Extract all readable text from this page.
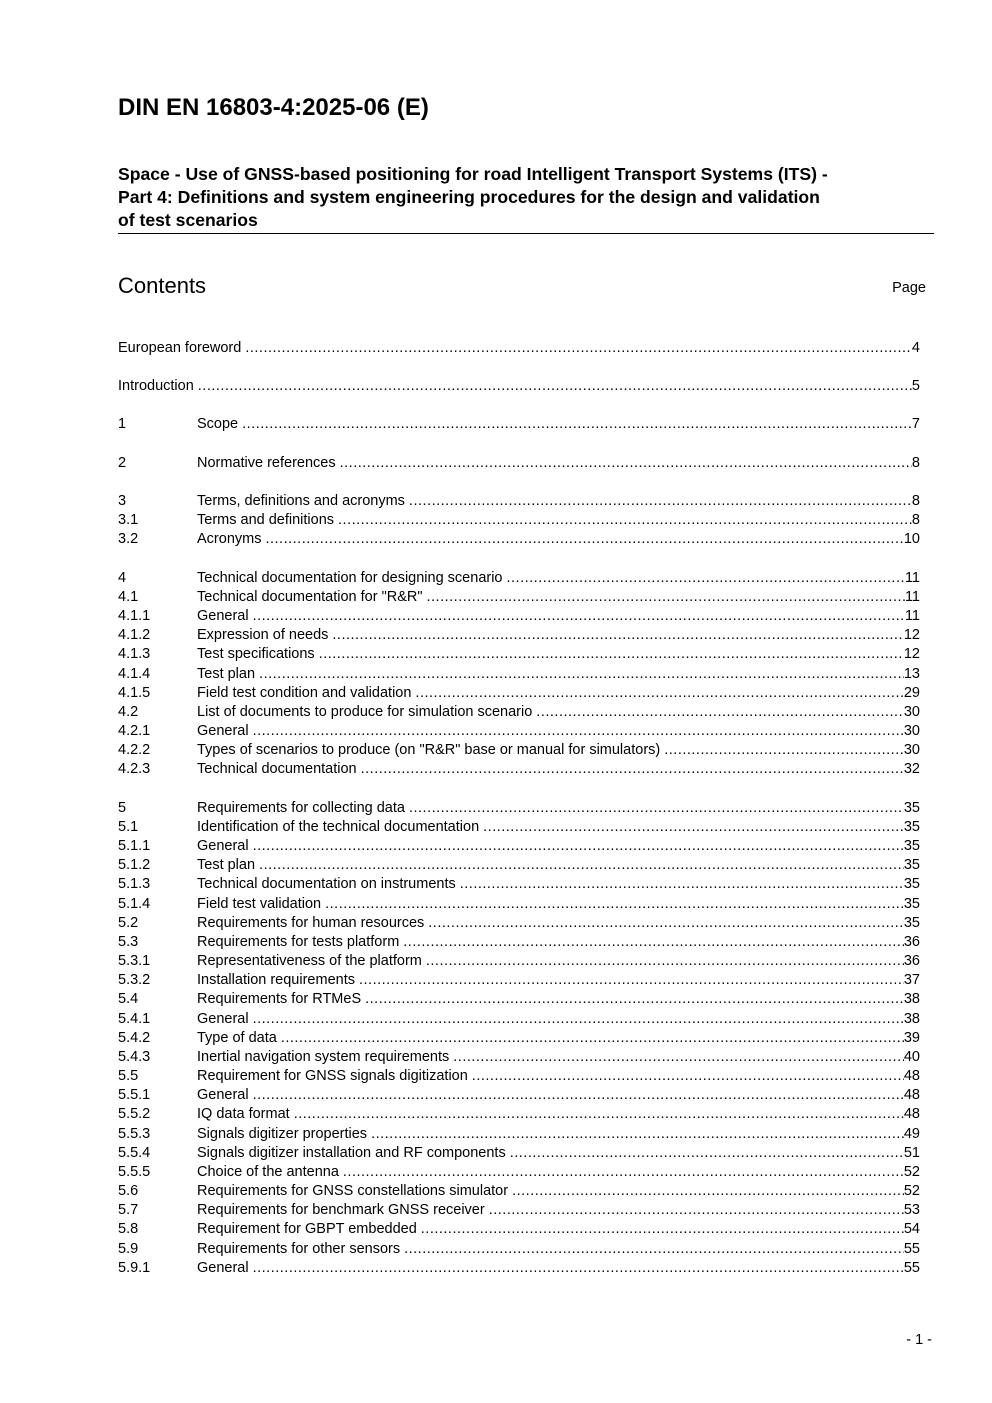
DIN EN 16803-4:2025-06 (E)
Space - Use of GNSS-based positioning for road Intelligent Transport Systems (ITS) -
Part 4: Definitions and system engineering procedures for the design and validation
of test scenarios
Contents	Page
European foreword .....	4
Introduction .....	5
1	Scope .....	7
2	Normative references .....	8
3	Terms, definitions and acronyms .....	8
3.1	Terms and definitions .....	8
3.2	Acronyms .....	10
4	Technical documentation for designing scenario .....	11
4.1	Technical documentation for "R&R" .....	11
4.1.1	General .....	11
4.1.2	Expression of needs .....	12
4.1.3	Test specifications .....	12
4.1.4	Test plan .....	13
4.1.5	Field test condition and validation .....	29
4.2	List of documents to produce for simulation scenario .....	30
4.2.1	General .....	30
4.2.2	Types of scenarios to produce (on "R&R" base or manual for simulators) .....	30
4.2.3	Technical documentation .....	32
5	Requirements for collecting data .....	35
5.1	Identification of the technical documentation .....	35
5.1.1	General .....	35
5.1.2	Test plan .....	35
5.1.3	Technical documentation on instruments .....	35
5.1.4	Field test validation .....	35
5.2	Requirements for human resources .....	35
5.3	Requirements for tests platform .....	36
5.3.1	Representativeness of the platform .....	36
5.3.2	Installation requirements .....	37
5.4	Requirements for RTMeS .....	38
5.4.1	General .....	38
5.4.2	Type of data .....	39
5.4.3	Inertial navigation system requirements .....	40
5.5	Requirement for GNSS signals digitization .....	48
5.5.1	General .....	48
5.5.2	IQ data format .....	48
5.5.3	Signals digitizer properties .....	49
5.5.4	Signals digitizer installation and RF components .....	51
5.5.5	Choice of the antenna .....	52
5.6	Requirements for GNSS constellations simulator .....	52
5.7	Requirements for benchmark GNSS receiver .....	53
5.8	Requirement for GBPT embedded .....	54
5.9	Requirements for other sensors .....	55
5.9.1	General .....	55
- 1 -
